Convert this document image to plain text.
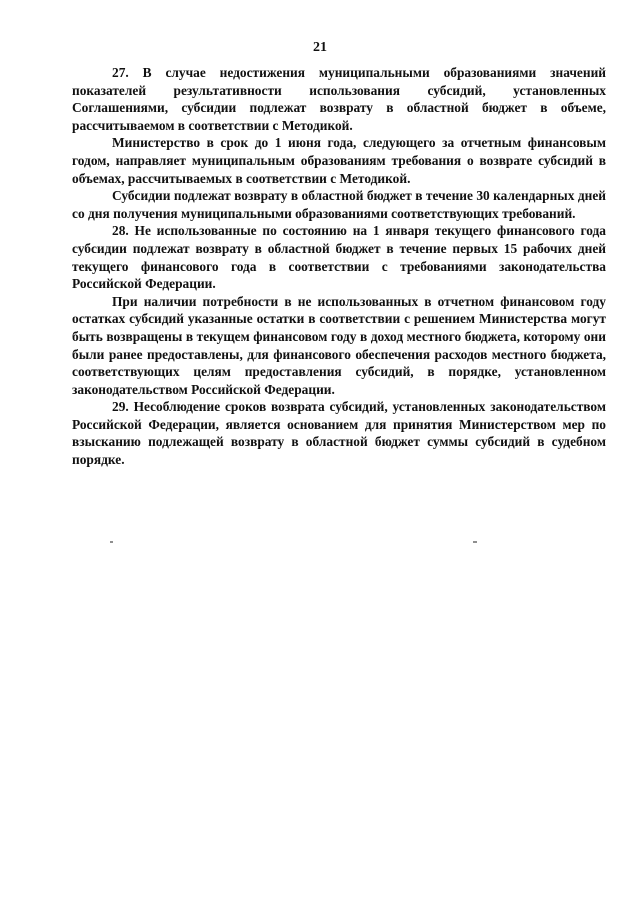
21

27. В случае недостижения муниципальными образованиями значений показателей результативности использования субсидий, установленных Соглашениями, субсидии подлежат возврату в областной бюджет в объеме, рассчитываемом в соответствии с Методикой.

Министерство в срок до 1 июня года, следующего за отчетным финансовым годом, направляет муниципальным образованиям требования о возврате субсидий в объемах, рассчитываемых в соответствии с Методикой.

Субсидии подлежат возврату в областной бюджет в течение 30 календарных дней со дня получения муниципальными образованиями соответствующих требований.

28. Не использованные по состоянию на 1 января текущего финансового года субсидии подлежат возврату в областной бюджет в течение первых 15 рабочих дней текущего финансового года в соответствии с требованиями законодательства Российской Федерации.

При наличии потребности в не использованных в отчетном финансовом году остатках субсидий указанные остатки в соответствии с решением Министерства могут быть возвращены в текущем финансовом году в доход местного бюджета, которому они были ранее предоставлены, для финансового обеспечения расходов местного бюджета, соответствующих целям предоставления субсидий, в порядке, установленном законодательством Российской Федерации.

29. Несоблюдение сроков возврата субсидий, установленных законодательством Российской Федерации, является основанием для принятия Министерством мер по взысканию подлежащей возврату в областной бюджет суммы субсидий в судебном порядке.
